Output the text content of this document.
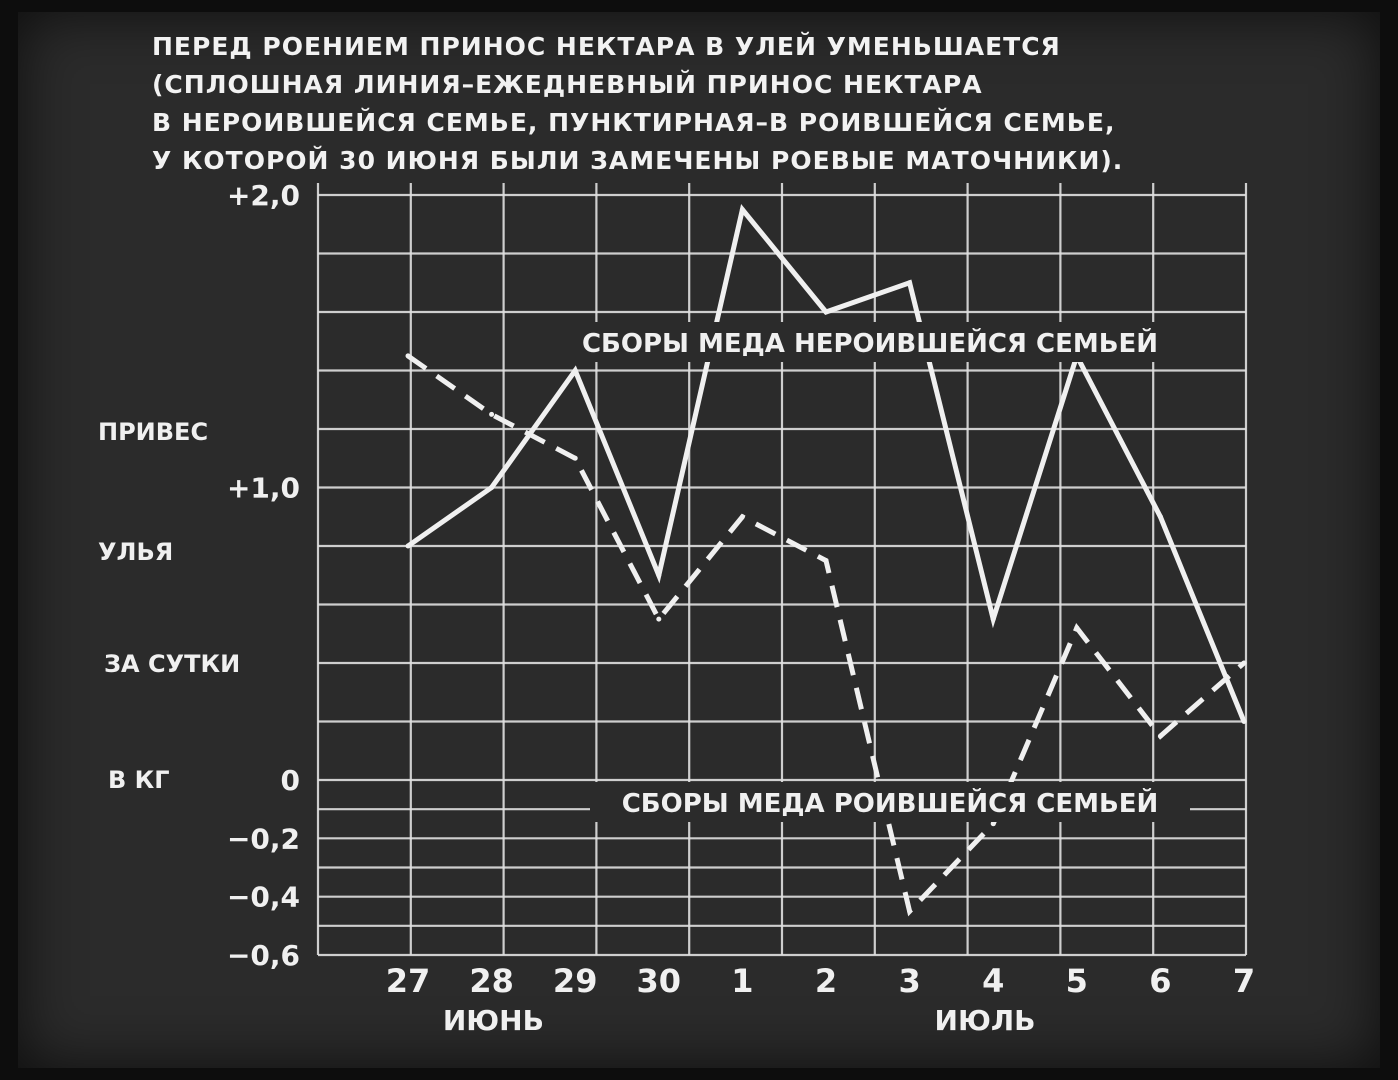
ПЕРЕД РОЕНИЕМ ПРИНОС НЕКТАРА В УЛЕЙ УМЕНЬШАЕТСЯ
(СПЛОШНАЯ ЛИНИЯ–ЕЖЕДНЕВНЫЙ ПРИНОС НЕКТАРА
В НЕРОИВШЕЙСЯ СЕМЬЕ, ПУНКТИРНАЯ–В РОИВШЕЙСЯ СЕМЬЕ,
У КОТОРОЙ 30 ИЮНЯ БЫЛИ ЗАМЕЧЕНЫ РОЕВЫЕ МАТОЧНИКИ).
+2,0
+1,0
0
−0,2
−0,4
−0,6
27 28 29 30 1 2 3 4 5 6 7
ИЮНЬ	ИЮЛЬ
СБОРЫ МЕДА НЕРОИВШЕЙСЯ СЕМЬЕЙ
СБОРЫ МЕДА РОИВШЕЙСЯ СЕМЬЕЙ
ПРИВЕС
УЛЬЯ
ЗА СУТКИ
В КГ
